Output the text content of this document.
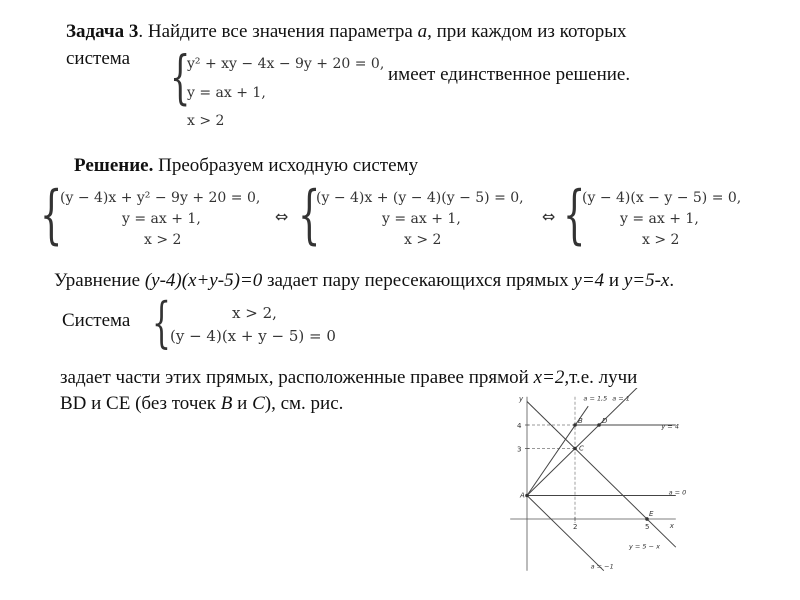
Задача 3. Найдите все значения параметра a, при каждом из которых
система {
y² + xy − 4x − 9y + 20 = 0,
y = ax + 1,
x > 2
имеет единственное решение.
Решение. Преобразуем исходную систему
{
(y − 4)x + y² − 9y + 20 = 0,
y = ax + 1,
x > 2
⇔ {
(y − 4)x + (y − 4)(y − 5) = 0,
y = ax + 1,
x > 2
⇔ {
(y − 4)(x − y − 5) = 0,
y = ax + 1,
x > 2
Уравнение (y-4)(x+y-5)=0 задает пару пересекающихся прямых y=4 и y=5-x.
Система {	x > 2,
(y − 4)(x + y − 5) = 0
задает части этих прямых, расположенные правее прямой x=2,т.е. лучи
BD и CE (без точек B и C), см. рис.
x
y
2	5
4
3
A
B
C
D
E
a = 1,5 a = 1
y = 4
a = 0
y = 5 − x
a = −1
